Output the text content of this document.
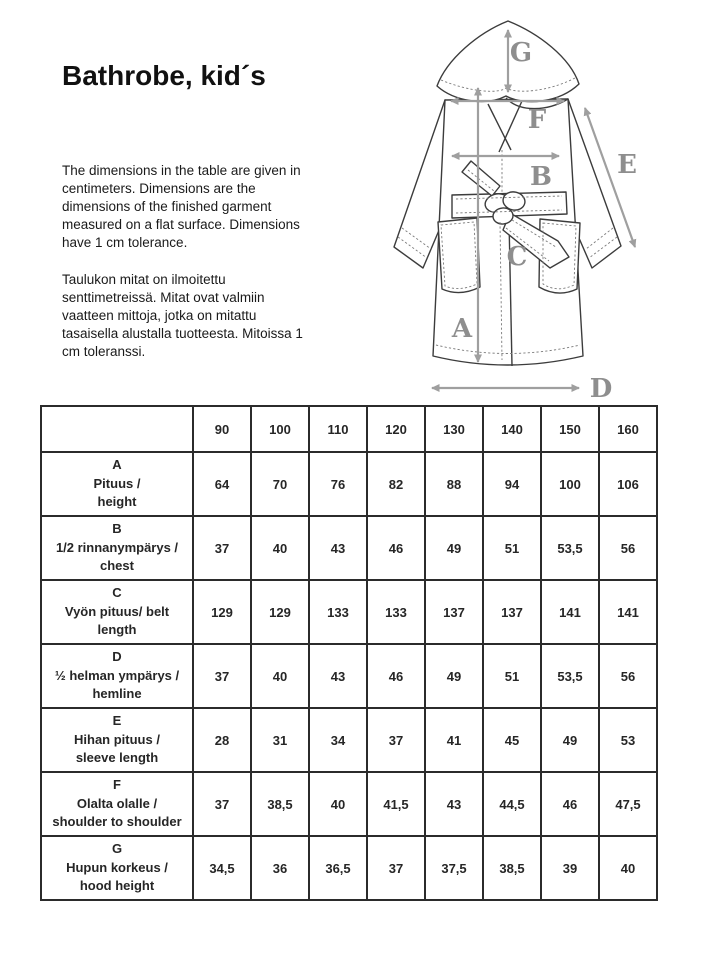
Bathrobe, kid´s
The dimensions in the table are given in centimeters. Dimensions are the dimensions of the finished garment measured on a flat surface. Dimensions have 1 cm tolerance.
Taulukon mitat on ilmoitettu senttimetreissä. Mitat ovat valmiin vaatteen mittoja, jotka on mitattu tasaisella alustalla tuotteesta. Mitoissa 1 cm toleranssi.
G
F
B	E
C
A
D
	90	100	110	120	130	140	150	160

A
Pituus /
height	64	70	76	82	88	94	100	106

B
1/2 rinnanympärys /
chest	37	40	43	46	49	51	53,5	56

C
Vyön pituus/ belt
length	129	129	133	133	137	137	141	141

D
½ helman ympärys /
hemline	37	40	43	46	49	51	53,5	56

E
Hihan pituus /
sleeve length	28	31	34	37	41	45	49	53

F
Olalta olalle /
shoulder to shoulder	37	38,5	40	41,5	43	44,5	46	47,5

G
Hupun korkeus /
hood height	34,5	36	36,5	37	37,5	38,5	39	40
